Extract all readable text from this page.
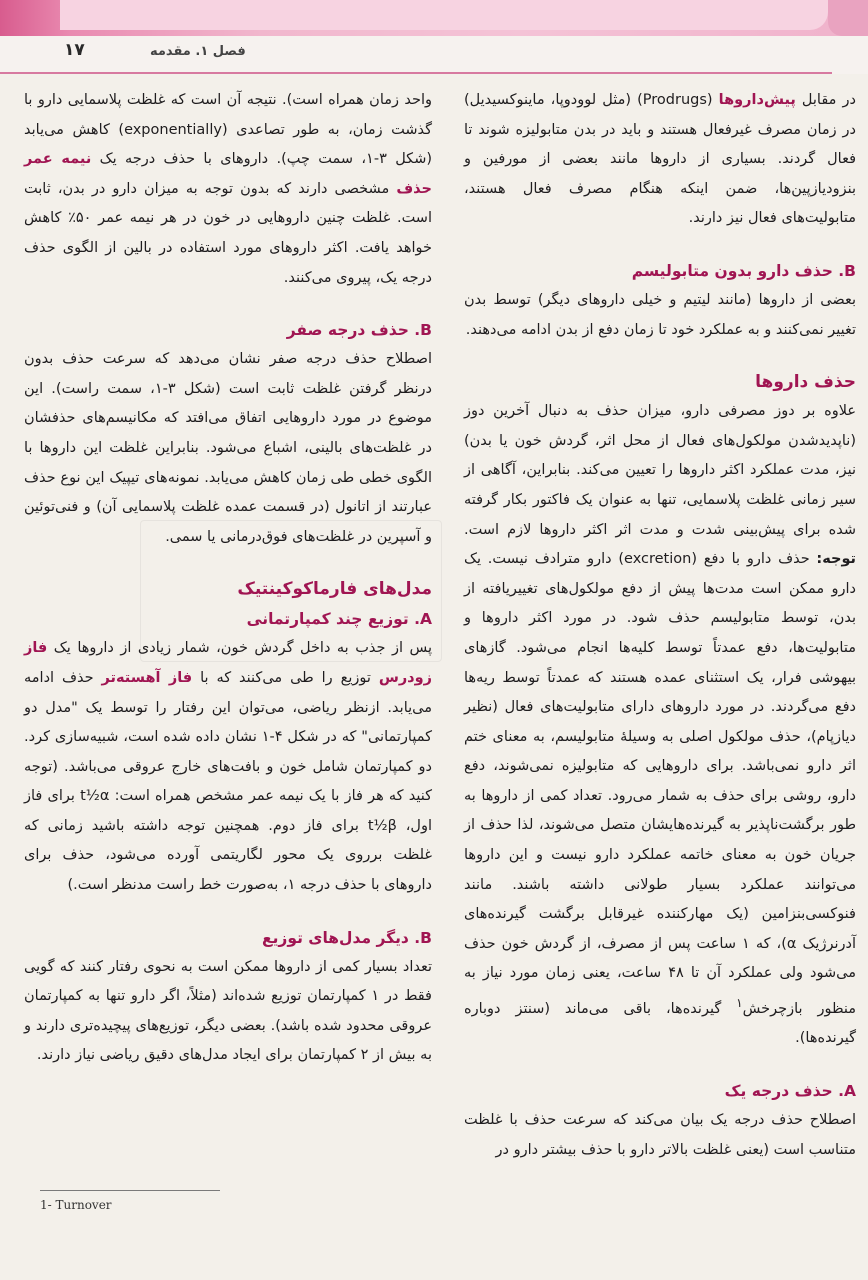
۱۷	فصل ۱. مقدمه

در مقابل پیش‌داروها (Prodrugs) (مثل لوودوپا، ماینوکسیدیل) در زمان مصرف غیرفعال هستند و باید در بدن متابولیزه شوند تا فعال گردند. بسیاری از داروها مانند بعضی از مورفین و بنزودیازپین‌ها، ضمن اینکه هنگام مصرف فعال هستند، متابولیت‌های فعال نیز دارند.

B. حذف دارو بدون متابولیسم

بعضی از داروها (مانند لیتیم و خیلی داروهای دیگر) توسط بدن تغییر نمی‌کنند و به عملکرد خود تا زمان دفع از بدن ادامه می‌دهند.

حذف داروها

علاوه بر دوز مصرفی دارو، میزان حذف به دنبال آخرین دوز (ناپدیدشدن مولکول‌های فعال از محل اثر، گردش خون یا بدن) نیز، مدت عملکرد اکثر داروها را تعیین می‌کند. بنابراین، آگاهی از سیر زمانی غلظت پلاسمایی، تنها به عنوان یک فاکتور بکار گرفته شده برای پیش‌بینی شدت و مدت اثر اکثر داروها لازم است. توجه: حذف دارو با دفع (excretion) دارو مترادف نیست. یک دارو ممکن است مدت‌ها پیش از دفع مولکول‌های تغییریافته از بدن، توسط متابولیسم حذف شود. در مورد اکثر داروها و متابولیت‌ها، دفع عمدتاً توسط کلیه‌ها انجام می‌شود. گازهای بیهوشی فرار، یک استثنای عمده هستند که عمدتاً توسط ریه‌ها دفع می‌گردند. در مورد داروهای دارای متابولیت‌های فعال (نظیر دیازپام)، حذف مولکول اصلی به وسیلهٔ متابولیسم، به معنای ختم اثر دارو نمی‌باشد. برای داروهایی که متابولیزه نمی‌شوند، دفع دارو، روشی برای حذف به شمار می‌رود. تعداد کمی از داروها به طور برگشت‌ناپذیر به گیرنده‌هایشان متصل می‌شوند، لذا حذف از جریان خون به معنای خاتمه عملکرد دارو نیست و این داروها می‌توانند عملکرد بسیار طولانی داشته باشند. مانند فنوکسی‌بنزامین (یک مهارکننده غیرقابل برگشت گیرنده‌های آدرنرژیک α)، که ۱ ساعت پس از مصرف، از گردش خون حذف می‌شود ولی عملکرد آن تا ۴۸ ساعت، یعنی زمان مورد نیاز به منظور بازچرخش$^۱$ گیرنده‌ها، باقی می‌ماند (سنتز دوباره گیرنده‌ها).

A. حذف درجه یک

اصطلاح حذف درجه یک بیان می‌کند که سرعت حذف با غلظت متناسب است (یعنی غلظت بالاتر دارو با حذف بیشتر دارو در

واحد زمان همراه است). نتیجه آن است که غلظت پلاسمایی دارو با گذشت زمان، به طور تصاعدی (exponentially) کاهش می‌یابد (شکل ۳-۱، سمت چپ). داروهای با حذف درجه یک نیمه عمر حذف مشخصی دارند که بدون توجه به میزان دارو در بدن، ثابت است. غلظت چنین داروهایی در خون در هر نیمه عمر ۵۰٪ کاهش خواهد یافت. اکثر داروهای مورد استفاده در بالین از الگوی حذف درجه یک، پیروی می‌کنند.

B. حذف درجه صفر

اصطلاح حذف درجه صفر نشان می‌دهد که سرعت حذف بدون درنظر گرفتن غلظت ثابت است (شکل ۳-۱، سمت راست). این موضوع در مورد داروهایی اتفاق می‌افتد که مکانیسم‌های حذفشان در غلظت‌های بالینی، اشباع می‌شود. بنابراین غلظت این داروها با الگوی خطی طی زمان کاهش می‌یابد. نمونه‌های تیپیک این نوع حذف عبارتند از اتانول (در قسمت عمده غلظت پلاسمایی آن) و فنی‌توئین و آسپرین در غلظت‌های فوق‌درمانی یا سمی.

مدل‌های فارماکوکینتیک
A. توزیع چند کمپارتمانی

پس از جذب به داخل گردش خون، شمار زیادی از داروها یک فاز زودرس توزیع را طی می‌کنند که با فاز آهسته‌تر حذف ادامه می‌یابد. ازنظر ریاضی، می‌توان این رفتار را توسط یک "مدل دو کمپارتمانی" که در شکل ۴-۱ نشان داده شده است، شبیه‌سازی کرد. دو کمپارتمان شامل خون و بافت‌های خارج عروقی می‌باشد. (توجه کنید که هر فاز با یک نیمه عمر مشخص همراه است: t½α برای فاز اول، t½β برای فاز دوم. همچنین توجه داشته باشید زمانی که غلظت برروی یک محور لگاریتمی آورده می‌شود، حذف برای داروهای با حذف درجه ۱، به‌صورت خط راست مدنظر است.)

B. دیگر مدل‌های توزیع

تعداد بسیار کمی از داروها ممکن است به نحوی رفتار کنند که گویی فقط در ۱ کمپارتمان توزیع شده‌اند (مثلاً، اگر دارو تنها به کمپارتمان عروقی محدود شده باشد). بعضی دیگر، توزیع‌های پیچیده‌تری دارند و به بیش از ۲ کمپارتمان برای ایجاد مدل‌های دقیق ریاضی نیاز دارند.

1- Turnover
